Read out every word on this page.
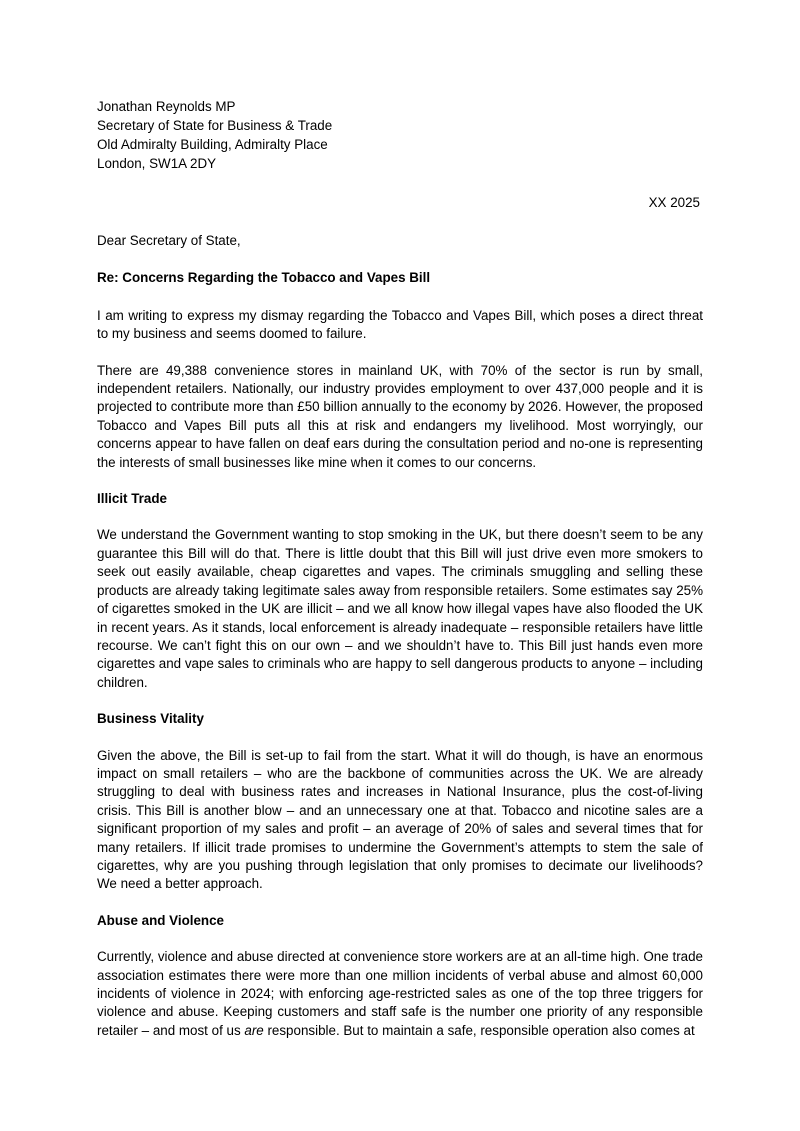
Jonathan Reynolds MP
Secretary of State for Business & Trade
Old Admiralty Building, Admiralty Place
London, SW1A 2DY
XX 2025

Dear Secretary of State,

Re: Concerns Regarding the Tobacco and Vapes Bill

I am writing to express my dismay regarding the Tobacco and Vapes Bill, which poses a direct threat to my business and seems doomed to failure.

There are 49,388 convenience stores in mainland UK, with 70% of the sector is run by small, independent retailers. Nationally, our industry provides employment to over 437,000 people and it is projected to contribute more than £50 billion annually to the economy by 2026. However, the proposed Tobacco and Vapes Bill puts all this at risk and endangers my livelihood. Most worryingly, our concerns appear to have fallen on deaf ears during the consultation period and no-one is representing the interests of small businesses like mine when it comes to our concerns.

Illicit Trade

We understand the Government wanting to stop smoking in the UK, but there doesn’t seem to be any guarantee this Bill will do that. There is little doubt that this Bill will just drive even more smokers to seek out easily available, cheap cigarettes and vapes. The criminals smuggling and selling these products are already taking legitimate sales away from responsible retailers. Some estimates say 25% of cigarettes smoked in the UK are illicit – and we all know how illegal vapes have also flooded the UK in recent years. As it stands, local enforcement is already inadequate – responsible retailers have little recourse. We can’t fight this on our own – and we shouldn’t have to. This Bill just hands even more cigarettes and vape sales to criminals who are happy to sell dangerous products to anyone – including children.

Business Vitality

Given the above, the Bill is set-up to fail from the start. What it will do though, is have an enormous impact on small retailers – who are the backbone of communities across the UK. We are already struggling to deal with business rates and increases in National Insurance, plus the cost-of-living crisis. This Bill is another blow – and an unnecessary one at that. Tobacco and nicotine sales are a significant proportion of my sales and profit – an average of 20% of sales and several times that for many retailers. If illicit trade promises to undermine the Government’s attempts to stem the sale of cigarettes, why are you pushing through legislation that only promises to decimate our livelihoods? We need a better approach.

Abuse and Violence

Currently, violence and abuse directed at convenience store workers are at an all-time high. One trade association estimates there were more than one million incidents of verbal abuse and almost 60,000 incidents of violence in 2024; with enforcing age-restricted sales as one of the top three triggers for violence and abuse. Keeping customers and staff safe is the number one priority of any responsible retailer – and most of us are responsible. But to maintain a safe, responsible operation also comes at
